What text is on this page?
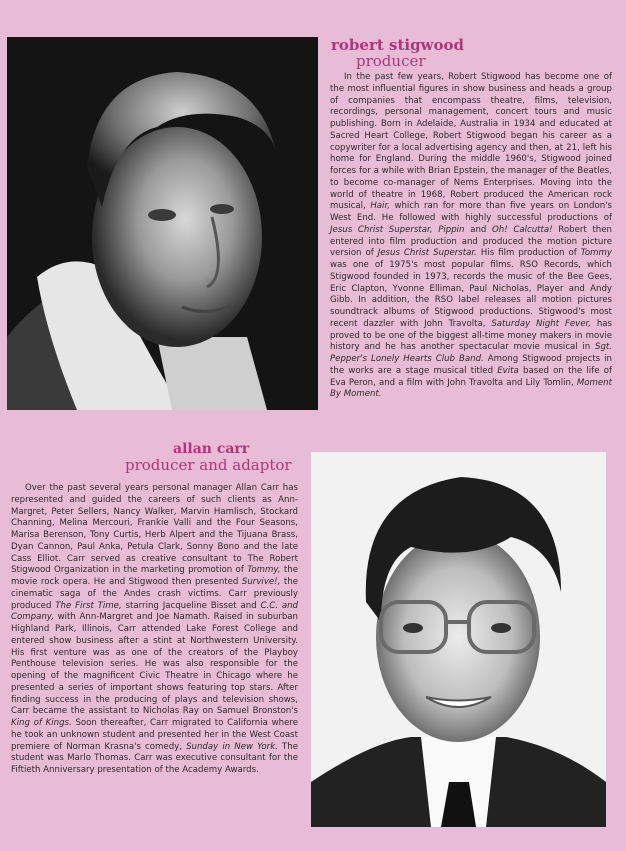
robert stigwood

producer

In the past few years, Robert Stigwood has become one of the most influential figures in show business and heads a group of companies that encompass theatre, films, television, recordings, personal management, concert tours and music publishing. Born in Adelaide, Australia in 1934 and educated at Sacred Heart College, Robert Stigwood began his career as a copywriter for a local advertising agency and then, at 21, left his home for England. During the middle 1960's, Stigwood joined forces for a while with Brian Epstein, the manager of the Beatles, to become co-manager of Nems Enterprises. Moving into the world of theatre in 1968, Robert produced the American rock musical, Hair, which ran for more than five years on London's West End. He followed with highly successful productions of Jesus Christ Superstar, Pippin and Oh! Calcutta! Robert then entered into film production and produced the motion picture version of Jesus Christ Superstar. His film production of Tommy was one of 1975's most popular films. RSO Records, which Stigwood founded in 1973, records the music of the Bee Gees, Eric Clapton, Yvonne Elliman, Paul Nicholas, Player and Andy Gibb. In addition, the RSO label releases all motion pictures soundtrack albums of Stigwood productions. Stigwood's most recent dazzler with John Travolta, Saturday Night Fever, has proved to be one of the biggest all-time money makers in movie history and he has another spectacular movie musical in Sgt. Pepper's Lonely Hearts Club Band. Among Stigwood projects in the works are a stage musical titled Evita based on the life of Eva Peron, and a film with John Travolta and Lily Tomlin, Moment By Moment.

allan carr

producer and adaptor

Over the past several years personal manager Allan Carr has represented and guided the careers of such clients as Ann-Margret, Peter Sellers, Nancy Walker, Marvin Hamlisch, Stockard Channing, Melina Mercouri, Frankie Valli and the Four Seasons, Marisa Berenson, Tony Curtis, Herb Alpert and the Tijuana Brass, Dyan Cannon, Paul Anka, Petula Clark, Sonny Bono and the late Cass Elliot. Carr served as creative consultant to The Robert Stigwood Organization in the marketing promotion of Tommy, the movie rock opera. He and Stigwood then presented Survive!, the cinematic saga of the Andes crash victims. Carr previously produced The First Time, starring Jacqueline Bisset and C.C. and Company, with Ann-Margret and Joe Namath. Raised in suburban Highland Park, Illinois, Carr attended Lake Forest College and entered show business after a stint at Northwestern University. His first venture was as one of the creators of the Playboy Penthouse television series. He was also responsible for the opening of the magnificent Civic Theatre in Chicago where he presented a series of important shows featuring top stars. After finding success in the producing of plays and television shows, Carr became the assistant to Nicholas Ray on Samuel Bronston's King of Kings. Soon thereafter, Carr migrated to California where he took an unknown student and presented her in the West Coast premiere of Norman Krasna's comedy, Sunday in New York. The student was Marlo Thomas. Carr was executive consultant for the Fiftieth Anniversary presentation of the Academy Awards.
